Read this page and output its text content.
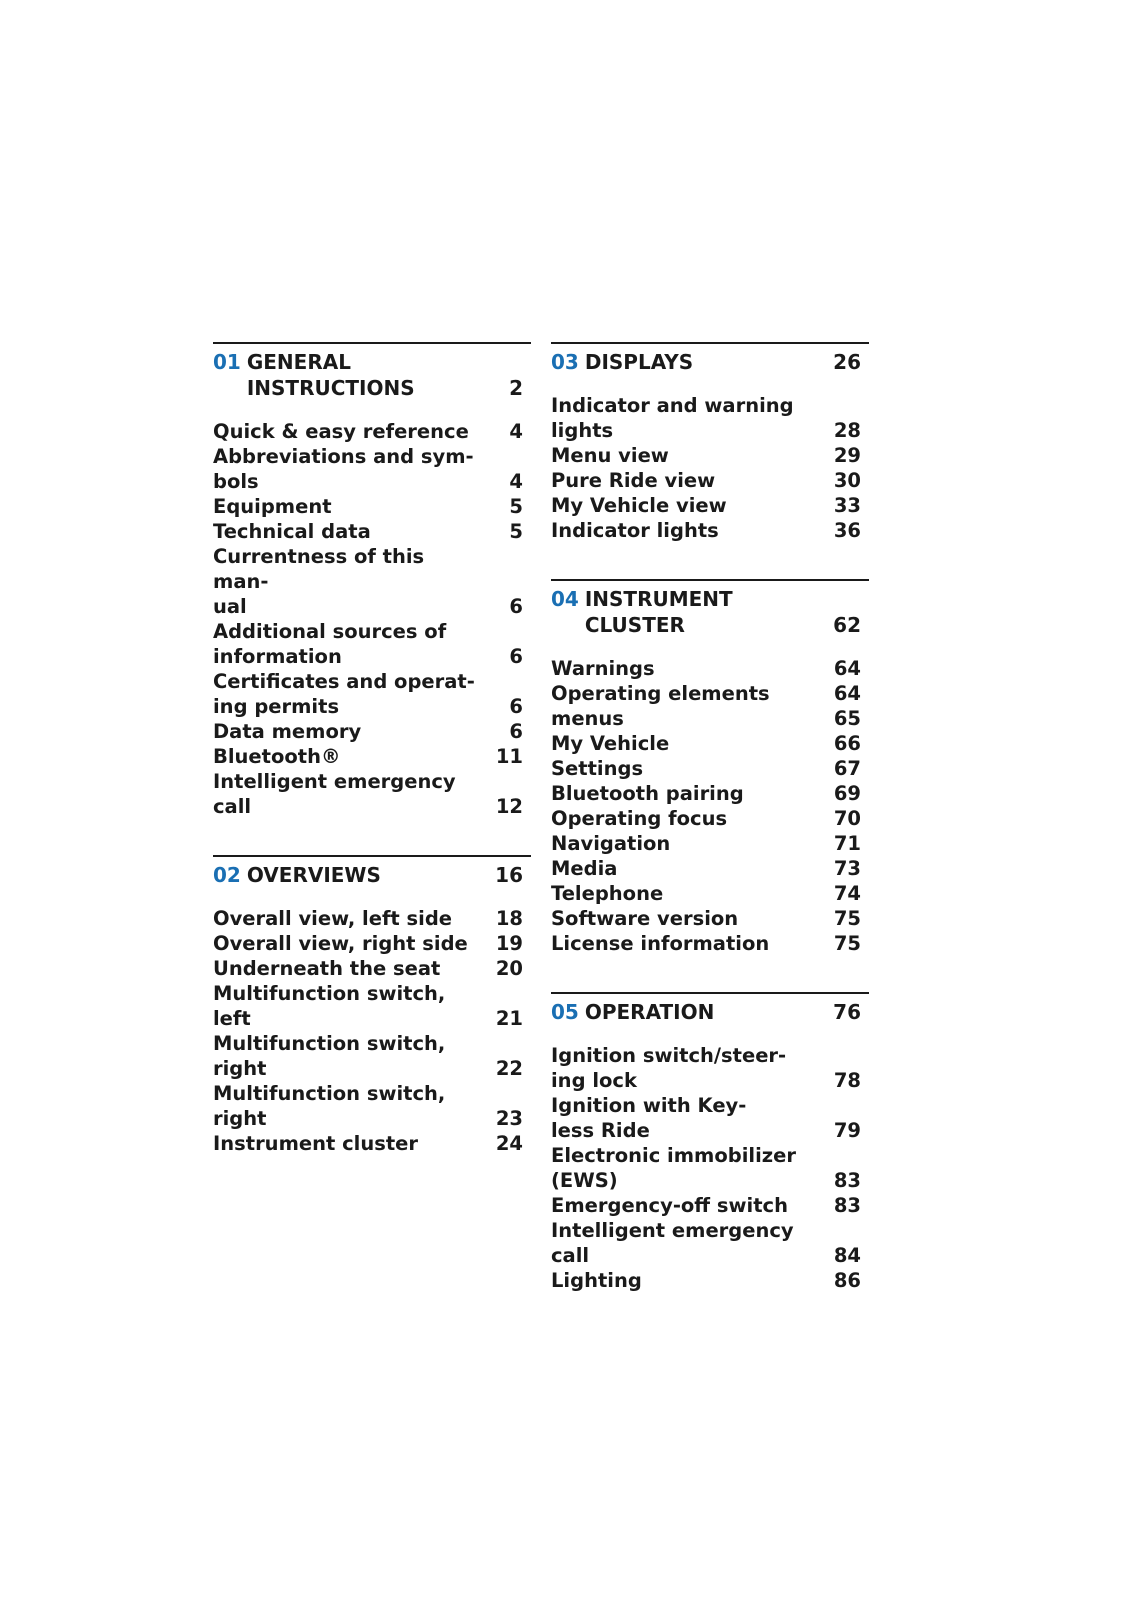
01 GENERAL
INSTRUCTIONS	2
Quick & easy reference	4
Abbreviations and sym-
bols	4
Equipment	5
Technical data	5
Currentness of this man-
ual	6
Additional sources of
information	6
Certificates and operat-
ing permits	6
Data memory	6
Bluetooth®	11
Intelligent emergency
call	12
02 OVERVIEWS	16
Overall view, left side	18
Overall view, right side	19
Underneath the seat	20
Multifunction switch,
left	21
Multifunction switch,
right	22
Multifunction switch,
right	23
Instrument cluster	24
03 DISPLAYS	26
Indicator and warning
lights	28
Menu view	29
Pure Ride view	30
My Vehicle view	33
Indicator lights	36
04 INSTRUMENT
CLUSTER	62
Warnings	64
Operating elements	64
menus	65
My Vehicle	66
Settings	67
Bluetooth pairing	69
Operating focus	70
Navigation	71
Media	73
Telephone	74
Software version	75
License information	75
05 OPERATION	76
Ignition switch/steer-
ing lock	78
Ignition with Key-
less Ride	79
Electronic immobilizer
(EWS)	83
Emergency-off switch	83
Intelligent emergency
call	84
Lighting	86
